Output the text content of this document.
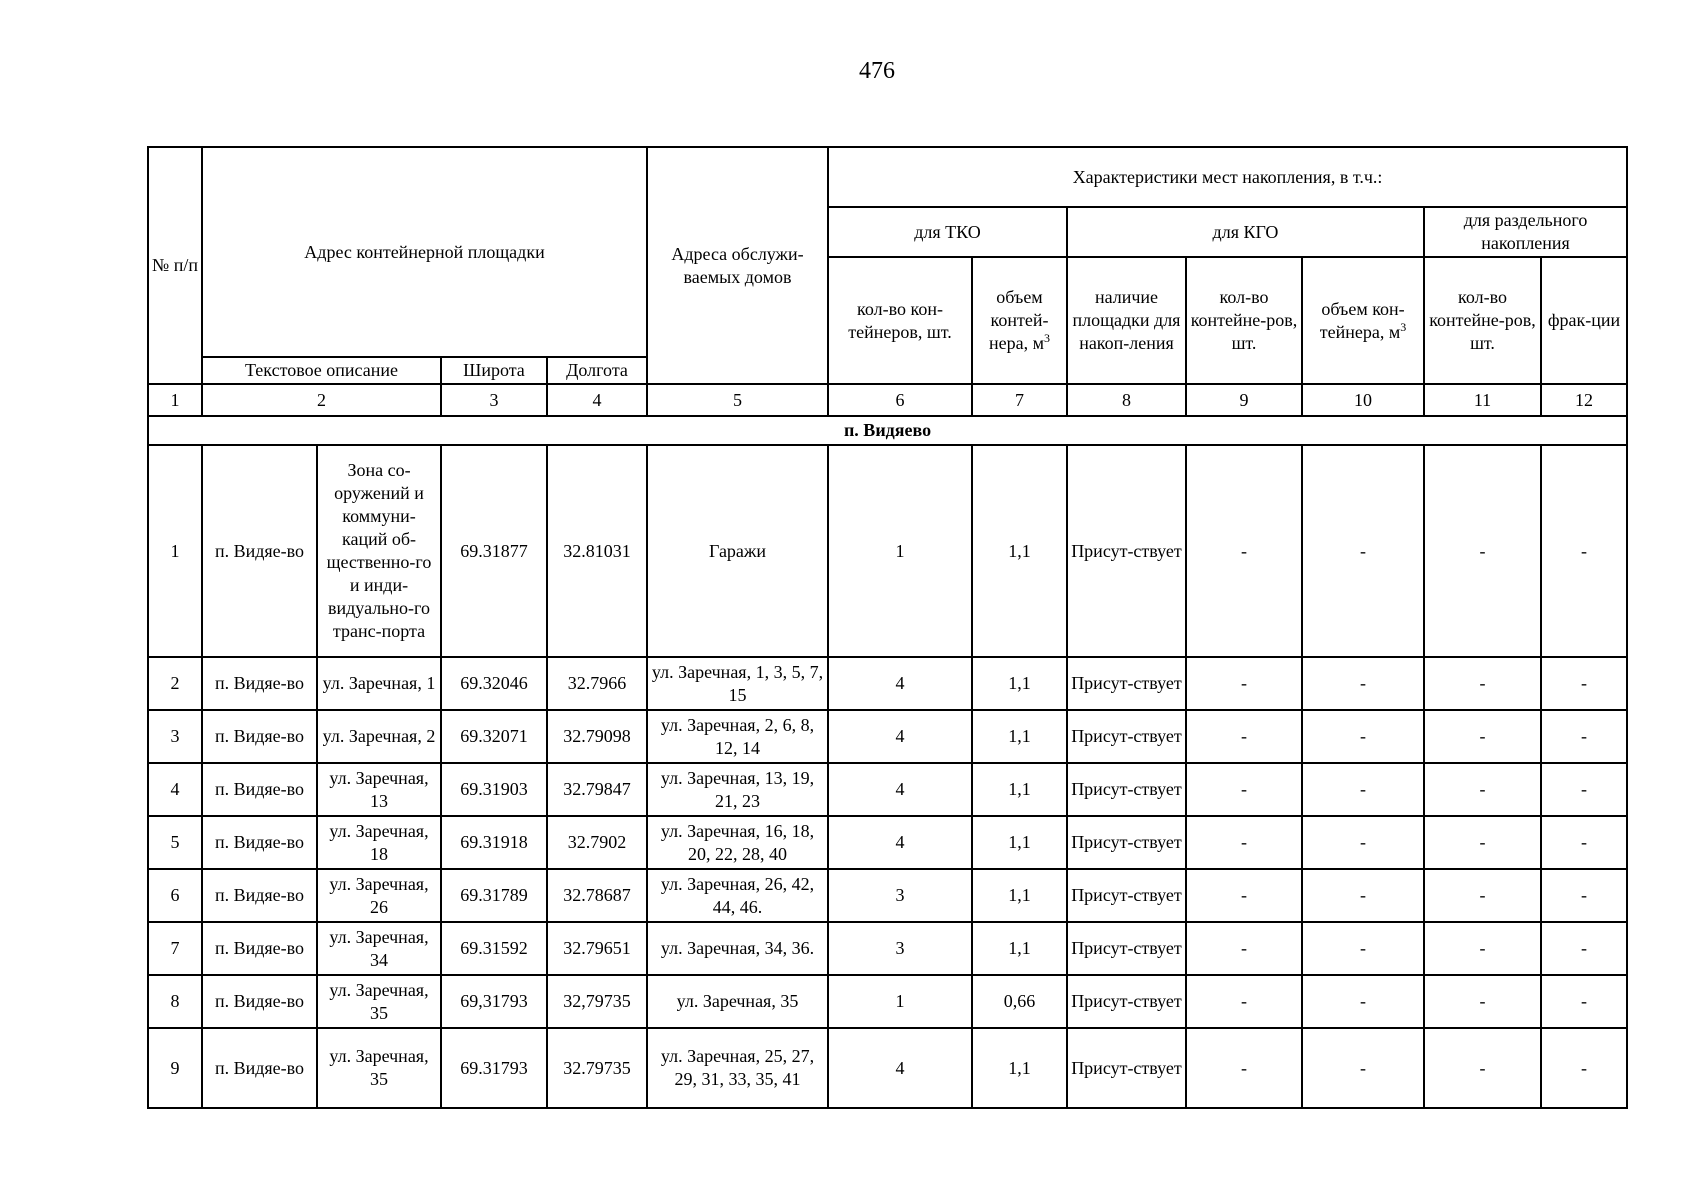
476
№ п/п	Адрес контейнерной площадки				Адреса обслужи-ваемых домов	Характеристики мест накопления, в т.ч.:						
						для ТКО		для КГО			для раздельного накопления	
						кол-во кон-тейнеров, шт.	объем контей-нера, $м^3$	наличие площадки для накоп-ления	кол-во контейне-ров, шт.	объем кон-тейнера, $м^3$	кол-во контейне-ров, шт.	фрак-ции
	Текстовое описание		Широта	Долгота								
1	2		3	4	5	6	7	8	9	10	11	12
п. Видяево												
1	п. Видяе-во	Зона со-оружений и коммуни-каций об-щественно-го и инди-видуально-го транс-порта	69.31877	32.81031	Гаражи	1	1,1	Присут-ствует	-	-	-	-
2	п. Видяе-во	ул. Заречная, 1	69.32046	32.7966	ул. Заречная, 1, 3, 5, 7, 15	4	1,1	Присут-ствует	-	-	-	-
3	п. Видяе-во	ул. Заречная, 2	69.32071	32.79098	ул. Заречная, 2, 6, 8, 12, 14	4	1,1	Присут-ствует	-	-	-	-
4	п. Видяе-во	ул. Заречная, 13	69.31903	32.79847	ул. Заречная, 13, 19, 21, 23	4	1,1	Присут-ствует	-	-	-	-
5	п. Видяе-во	ул. Заречная, 18	69.31918	32.7902	ул. Заречная, 16, 18, 20, 22, 28, 40	4	1,1	Присут-ствует	-	-	-	-
6	п. Видяе-во	ул. Заречная, 26	69.31789	32.78687	ул. Заречная, 26, 42, 44, 46.	3	1,1	Присут-ствует	-	-	-	-
7	п. Видяе-во	ул. Заречная, 34	69.31592	32.79651	ул. Заречная, 34, 36.	3	1,1	Присут-ствует	-	-	-	-
8	п. Видяе-во	ул. Заречная, 35	69,31793	32,79735	ул. Заречная, 35	1	0,66	Присут-ствует	-	-	-	-
9	п. Видяе-во	ул. Заречная, 35	69.31793	32.79735	ул. Заречная, 25, 27, 29, 31, 33, 35, 41	4	1,1	Присут-ствует	-	-	-	-
